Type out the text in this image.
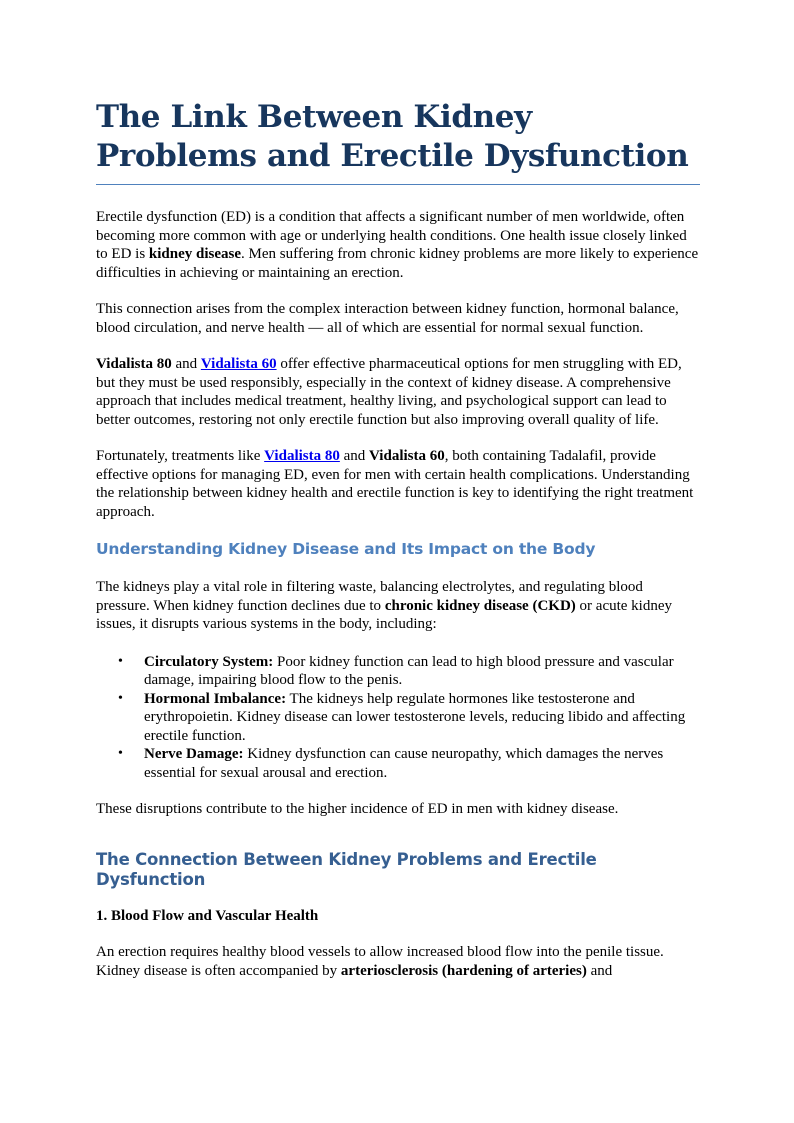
The Link Between Kidney Problems and Erectile Dysfunction

Erectile dysfunction (ED) is a condition that affects a significant number of men worldwide, often becoming more common with age or underlying health conditions. One health issue closely linked to ED is kidney disease. Men suffering from chronic kidney problems are more likely to experience difficulties in achieving or maintaining an erection.

This connection arises from the complex interaction between kidney function, hormonal balance, blood circulation, and nerve health — all of which are essential for normal sexual function.

Vidalista 80 and Vidalista 60 offer effective pharmaceutical options for men struggling with ED, but they must be used responsibly, especially in the context of kidney disease. A comprehensive approach that includes medical treatment, healthy living, and psychological support can lead to better outcomes, restoring not only erectile function but also improving overall quality of life.

Fortunately, treatments like Vidalista 80 and Vidalista 60, both containing Tadalafil, provide effective options for managing ED, even for men with certain health complications. Understanding the relationship between kidney health and erectile function is key to identifying the right treatment approach.

Understanding Kidney Disease and Its Impact on the Body

The kidneys play a vital role in filtering waste, balancing electrolytes, and regulating blood pressure. When kidney function declines due to chronic kidney disease (CKD) or acute kidney issues, it disrupts various systems in the body, including:

• Circulatory System: Poor kidney function can lead to high blood pressure and vascular damage, impairing blood flow to the penis.
• Hormonal Imbalance: The kidneys help regulate hormones like testosterone and erythropoietin. Kidney disease can lower testosterone levels, reducing libido and affecting erectile function.
• Nerve Damage: Kidney dysfunction can cause neuropathy, which damages the nerves essential for sexual arousal and erection.

These disruptions contribute to the higher incidence of ED in men with kidney disease.

The Connection Between Kidney Problems and Erectile Dysfunction
1. Blood Flow and Vascular Health

An erection requires healthy blood vessels to allow increased blood flow into the penile tissue. Kidney disease is often accompanied by arteriosclerosis (hardening of arteries) and
